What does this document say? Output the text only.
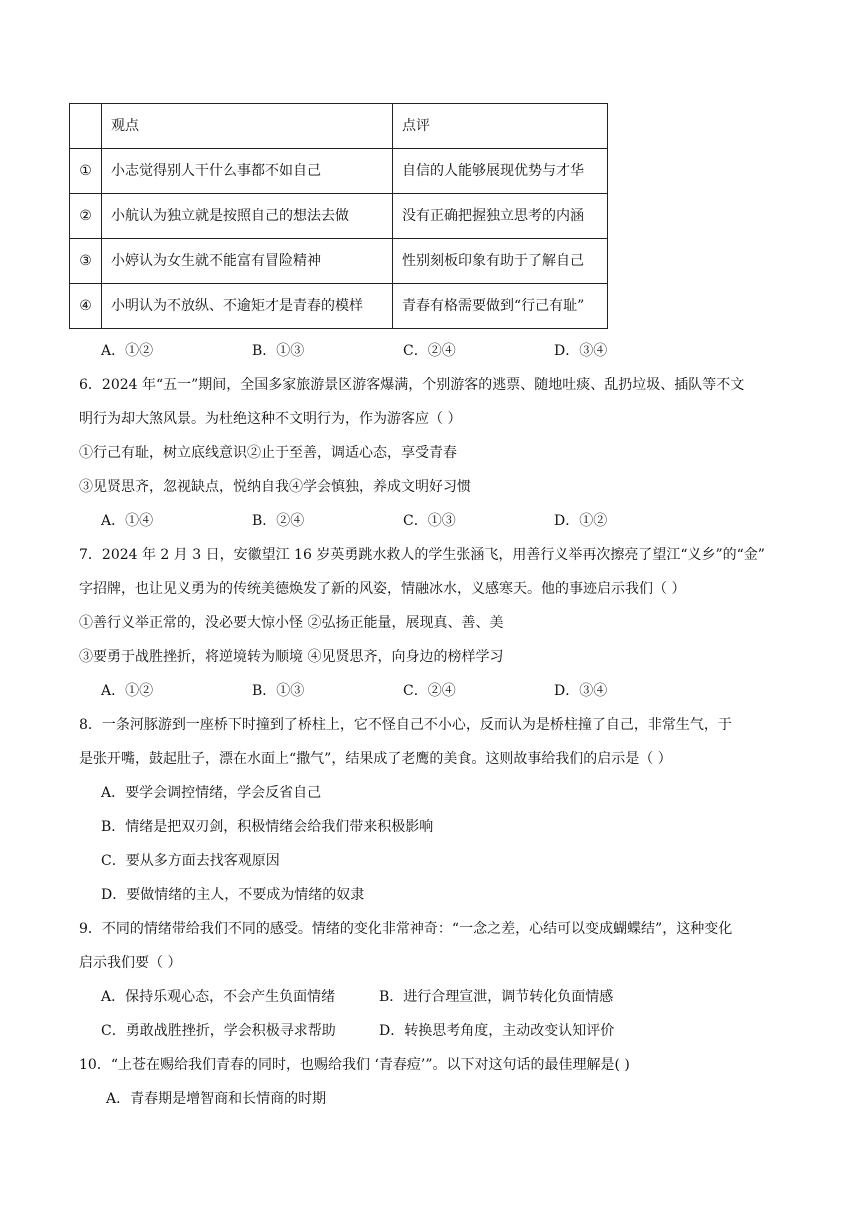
	观点	点评
①	小志觉得别人干什么事都不如自己	自信的人能够展现优势与才华
②	小航认为独立就是按照自己的想法去做	没有正确把握独立思考的内涵
③	小婷认为女生就不能富有冒险精神	性别刻板印象有助于了解自己
④	小明认为不放纵、不逾矩才是青春的模样	青春有格需要做到“行己有耻”
A．①②	B．①③	C．②④	D．③④
6．2024 年“五一”期间，全国多家旅游景区游客爆满，个别游客的逃票、随地吐痰、乱扔垃圾、插队等不文
明行为却大煞风景。为杜绝这种不文明行为，作为游客应（ ）
①行己有耻，树立底线意识②止于至善，调适心态，享受青春
③见贤思齐，忽视缺点，悦纳自我④学会慎独，养成文明好习惯
A．①④	B．②④	C．①③	D．①②
7．2024 年 2 月 3 日，安徽望江 16 岁英勇跳水救人的学生张涵飞，用善行义举再次擦亮了望江“义乡”的“金”
字招牌，也让见义勇为的传统美德焕发了新的风姿，情融冰水，义感寒天。他的事迹启示我们（ ）
①善行义举正常的，没必要大惊小怪 ②弘扬正能量，展现真、善、美
③要勇于战胜挫折，将逆境转为顺境 ④见贤思齐，向身边的榜样学习
A．①②	B．①③	C．②④	D．③④
8．一条河豚游到一座桥下时撞到了桥柱上，它不怪自己不小心，反而认为是桥柱撞了自己，非常生气，于
是张开嘴，鼓起肚子，漂在水面上“撒气”，结果成了老鹰的美食。这则故事给我们的启示是（ ）
A．要学会调控情绪，学会反省自己
B．情绪是把双刃剑，积极情绪会给我们带来积极影响
C．要从多方面去找客观原因
D．要做情绪的主人，不要成为情绪的奴隶
9．不同的情绪带给我们不同的感受。情绪的变化非常神奇：“一念之差，心结可以变成蝴蝶结”，这种变化
启示我们要（ ）
A．保持乐观心态，不会产生负面情绪	B．进行合理宣泄，调节转化负面情感
C．勇敢战胜挫折，学会积极寻求帮助	D．转换思考角度，主动改变认知评价
10．“上苍在赐给我们青春的同时，也赐给我们 ‘青春痘’”。以下对这句话的最佳理解是( )
A．青春期是增智商和长情商的时期
